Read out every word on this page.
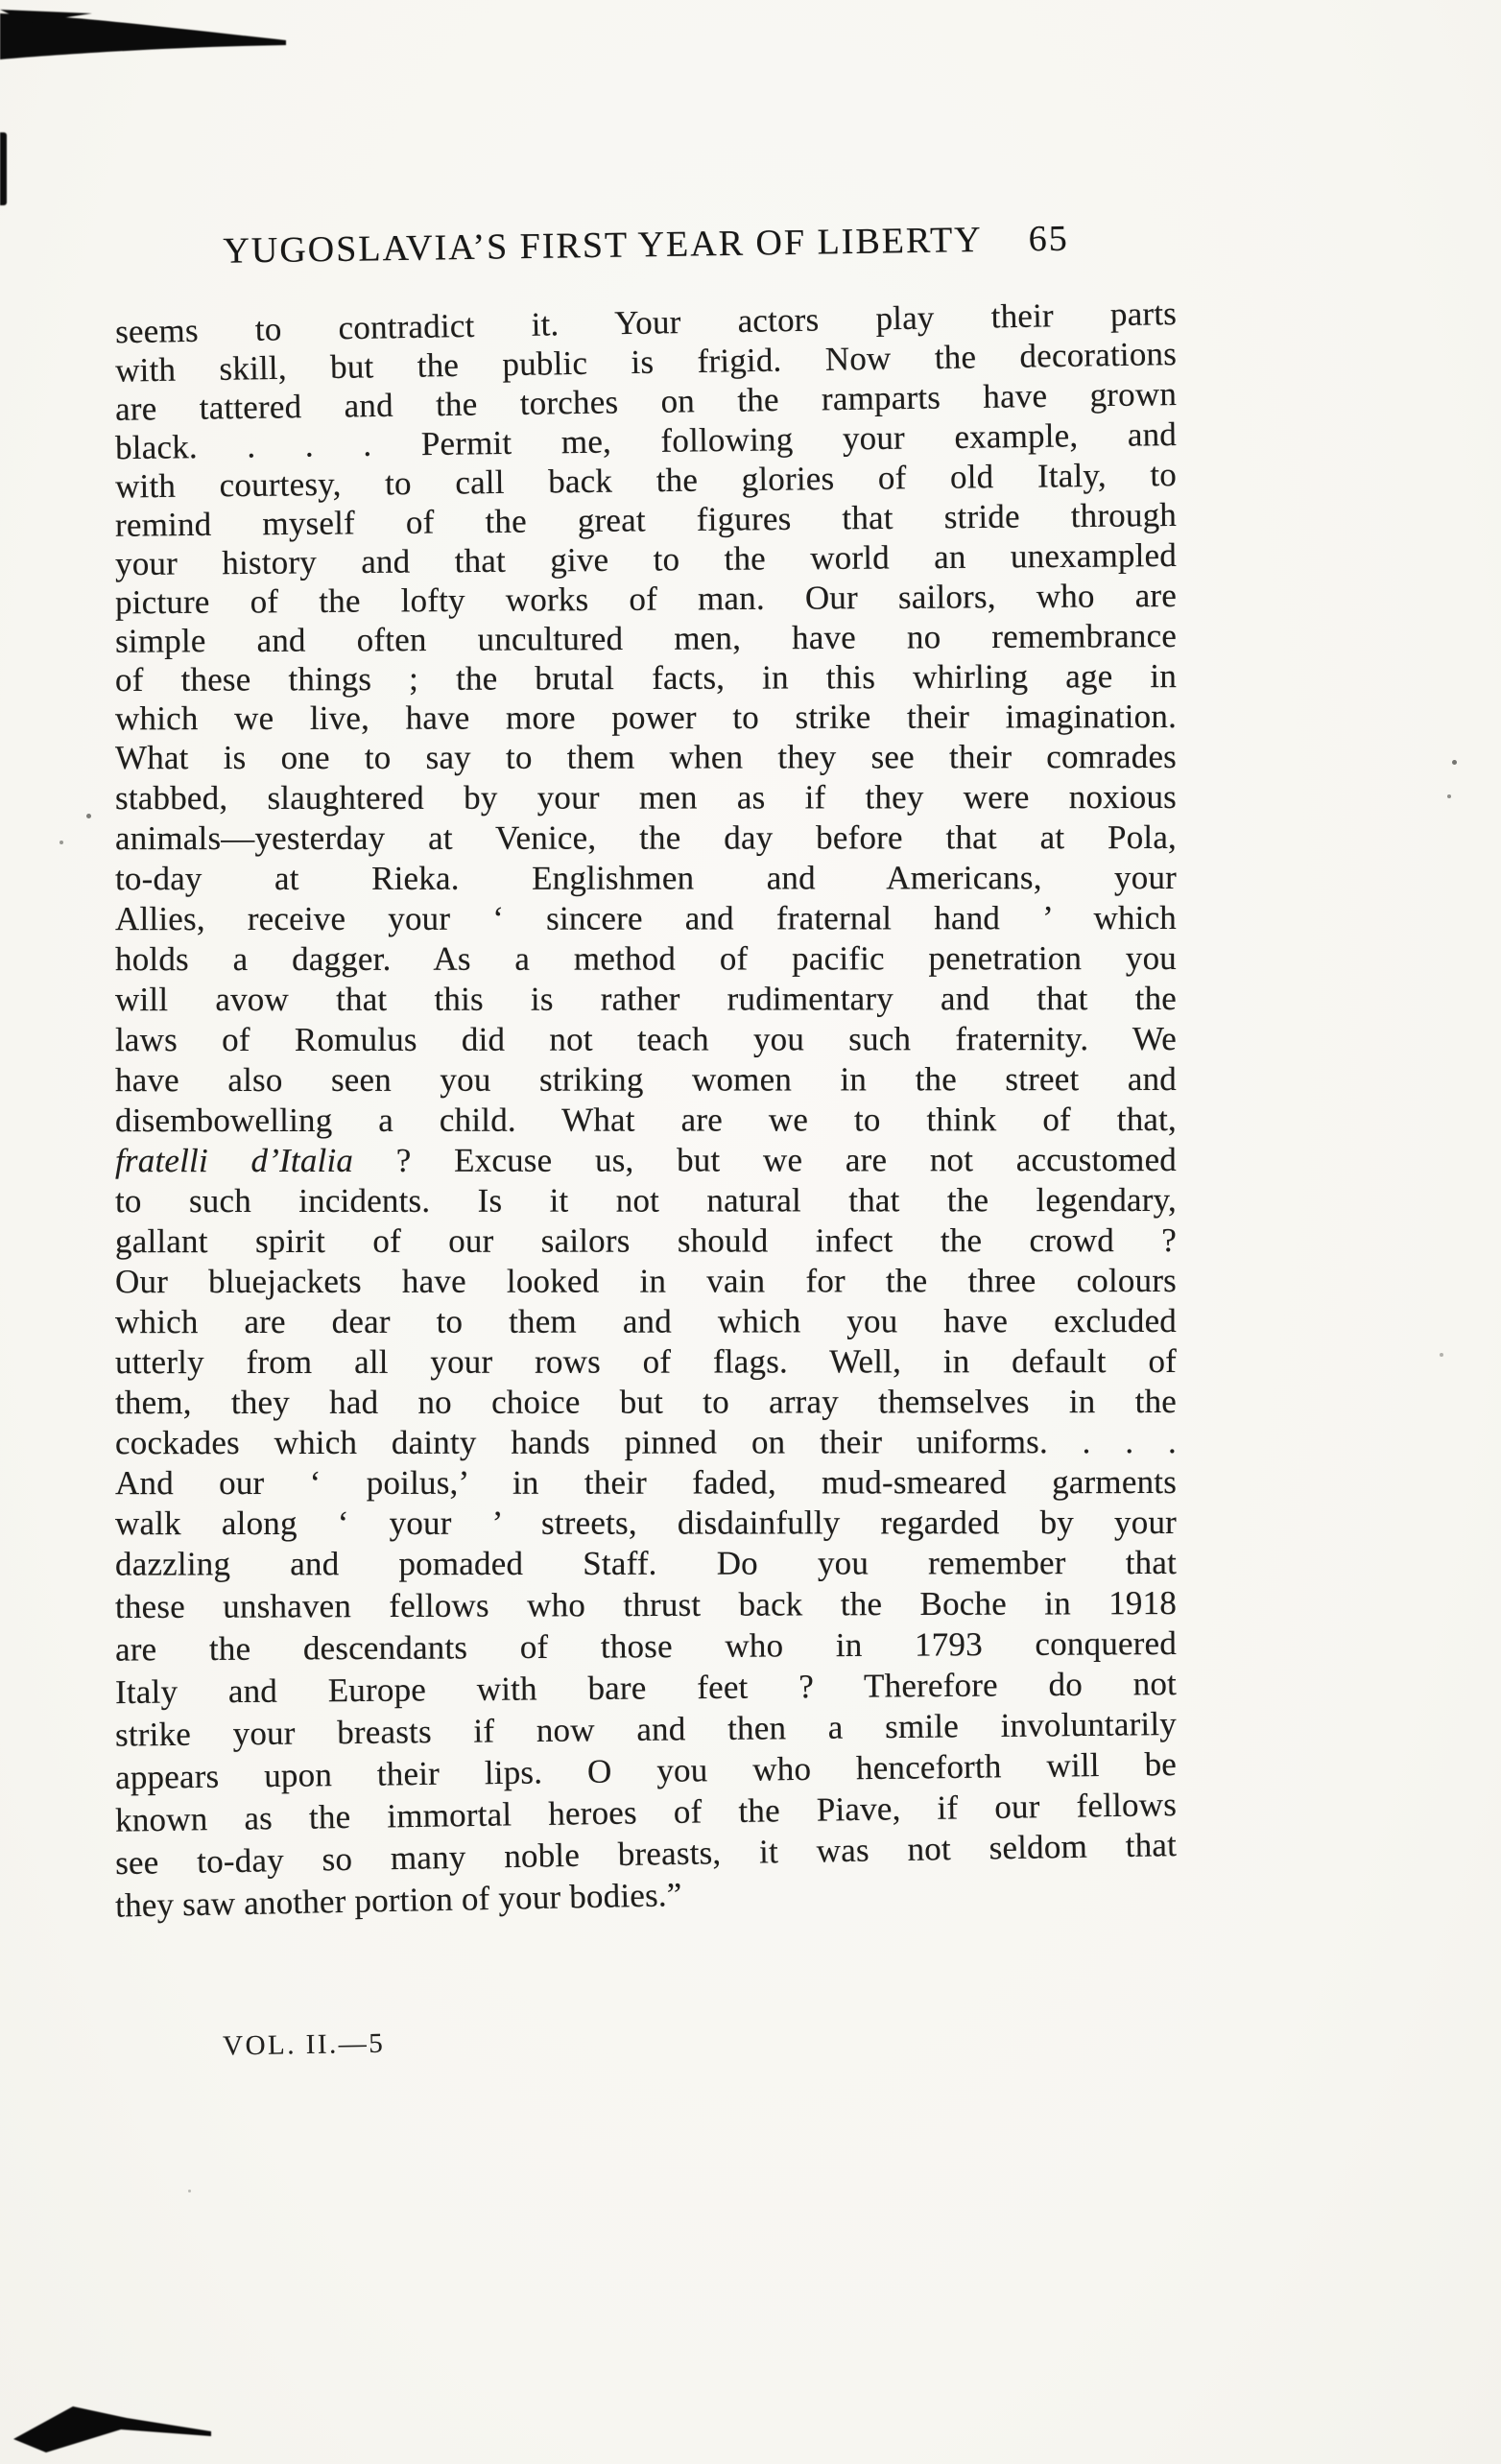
YUGOSLAVIA’S FIRST YEAR OF LIBERTY 65
seems to contradict it. Your actors play their parts
with skill, but the public is frigid. Now the decorations
are tattered and the torches on the ramparts have grown
black. . . . Permit me, following your example, and
with courtesy, to call back the glories of old Italy, to
remind myself of the great figures that stride through
your history and that give to the world an unexampled
picture of the lofty works of man. Our sailors, who are
simple and often uncultured men, have no remembrance
of these things ; the brutal facts, in this whirling age in
which we live, have more power to strike their imagination.
What is one to say to them when they see their comrades
stabbed, slaughtered by your men as if they were noxious
animals—yesterday at Venice, the day before that at Pola,
to-day at Rieka. Englishmen and Americans, your
Allies, receive your ‘ sincere and fraternal hand ’ which
holds a dagger. As a method of pacific penetration you
will avow that this is rather rudimentary and that the
laws of Romulus did not teach you such fraternity. We
have also seen you striking women in the street and
disembowelling a child. What are we to think of that,
fratelli d’Italia ? Excuse us, but we are not accustomed
to such incidents. Is it not natural that the legendary,
gallant spirit of our sailors should infect the crowd ?
Our bluejackets have looked in vain for the three colours
which are dear to them and which you have excluded
utterly from all your rows of flags. Well, in default of
them, they had no choice but to array themselves in the
cockades which dainty hands pinned on their uniforms. . . .
And our ‘ poilus,’ in their faded, mud-smeared garments
walk along ‘ your ’ streets, disdainfully regarded by your
dazzling and pomaded Staff. Do you remember that
these unshaven fellows who thrust back the Boche in 1918
are the descendants of those who in 1793 conquered
Italy and Europe with bare feet ? Therefore do not
strike your breasts if now and then a smile involuntarily
appears upon their lips. O you who henceforth will be
known as the immortal heroes of the Piave, if our fellows
see to-day so many noble breasts, it was not seldom that
they saw another portion of your bodies.”
VOL. II.—5
